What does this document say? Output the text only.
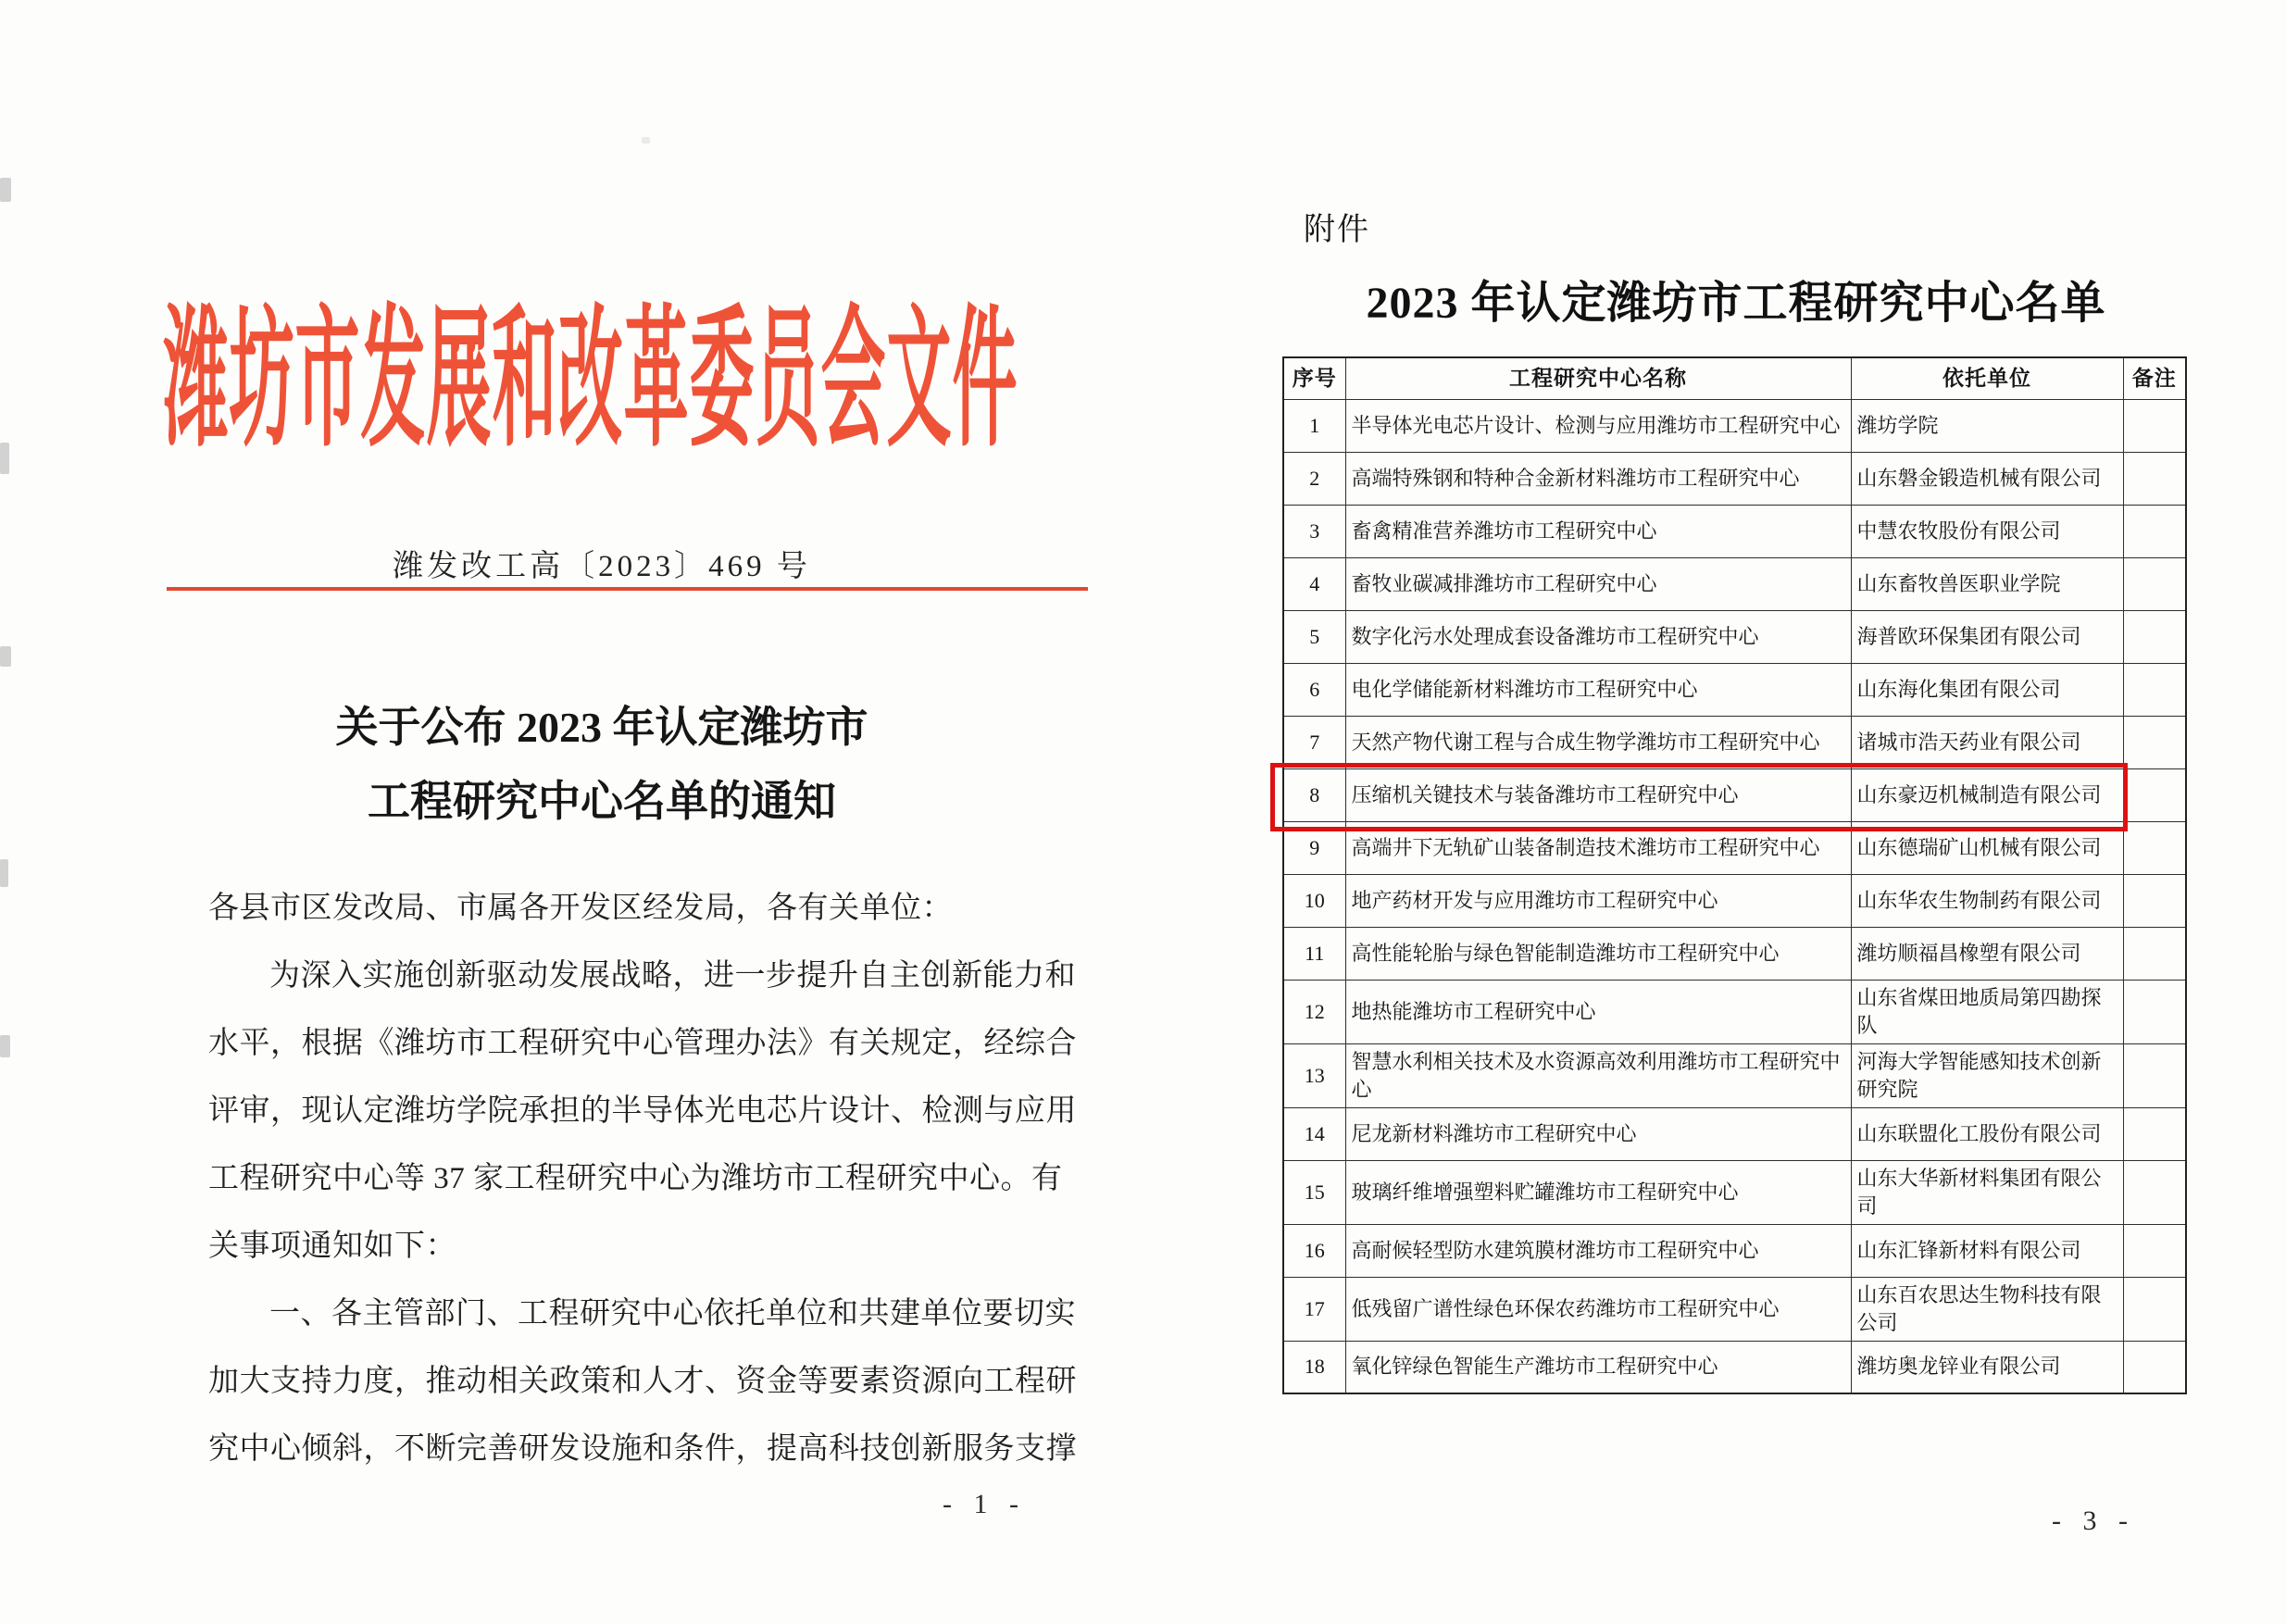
潍坊市发展和改革委员会文件
潍发改工高〔2023〕469 号
关于公布 2023 年认定潍坊市
工程研究中心名单的通知
各县市区发改局、市属各开发区经发局，各有关单位：
为深入实施创新驱动发展战略，进一步提升自主创新能力和
水平，根据《潍坊市工程研究中心管理办法》有关规定，经综合
评审，现认定潍坊学院承担的半导体光电芯片设计、检测与应用
工程研究中心等 37 家工程研究中心为潍坊市工程研究中心。有
关事项通知如下：
一、各主管部门、工程研究中心依托单位和共建单位要切实
加大支持力度，推动相关政策和人才、资金等要素资源向工程研
究中心倾斜，不断完善研发设施和条件，提高科技创新服务支撑
- 1 -
附件
2023 年认定潍坊市工程研究中心名单
序号	工程研究中心名称	依托单位	备注
1	半导体光电芯片设计、检测与应用潍坊市工程研究中心	潍坊学院	
2	高端特殊钢和特种合金新材料潍坊市工程研究中心	山东磐金锻造机械有限公司	
3	畜禽精准营养潍坊市工程研究中心	中慧农牧股份有限公司	
4	畜牧业碳减排潍坊市工程研究中心	山东畜牧兽医职业学院	
5	数字化污水处理成套设备潍坊市工程研究中心	海普欧环保集团有限公司	
6	电化学储能新材料潍坊市工程研究中心	山东海化集团有限公司	
7	天然产物代谢工程与合成生物学潍坊市工程研究中心	诸城市浩天药业有限公司	
8	压缩机关键技术与装备潍坊市工程研究中心	山东豪迈机械制造有限公司	
9	高端井下无轨矿山装备制造技术潍坊市工程研究中心	山东德瑞矿山机械有限公司	
10	地产药材开发与应用潍坊市工程研究中心	山东华农生物制药有限公司	
11	高性能轮胎与绿色智能制造潍坊市工程研究中心	潍坊顺福昌橡塑有限公司	
12	地热能潍坊市工程研究中心	山东省煤田地质局第四勘探队	
13	智慧水利相关技术及水资源高效利用潍坊市工程研究中心	河海大学智能感知技术创新研究院	
14	尼龙新材料潍坊市工程研究中心	山东联盟化工股份有限公司	
15	玻璃纤维增强塑料贮罐潍坊市工程研究中心	山东大华新材料集团有限公司	
16	高耐候轻型防水建筑膜材潍坊市工程研究中心	山东汇锋新材料有限公司	
17	低残留广谱性绿色环保农药潍坊市工程研究中心	山东百农思达生物科技有限公司	
18	氧化锌绿色智能生产潍坊市工程研究中心	潍坊奥龙锌业有限公司	
- 3 -
